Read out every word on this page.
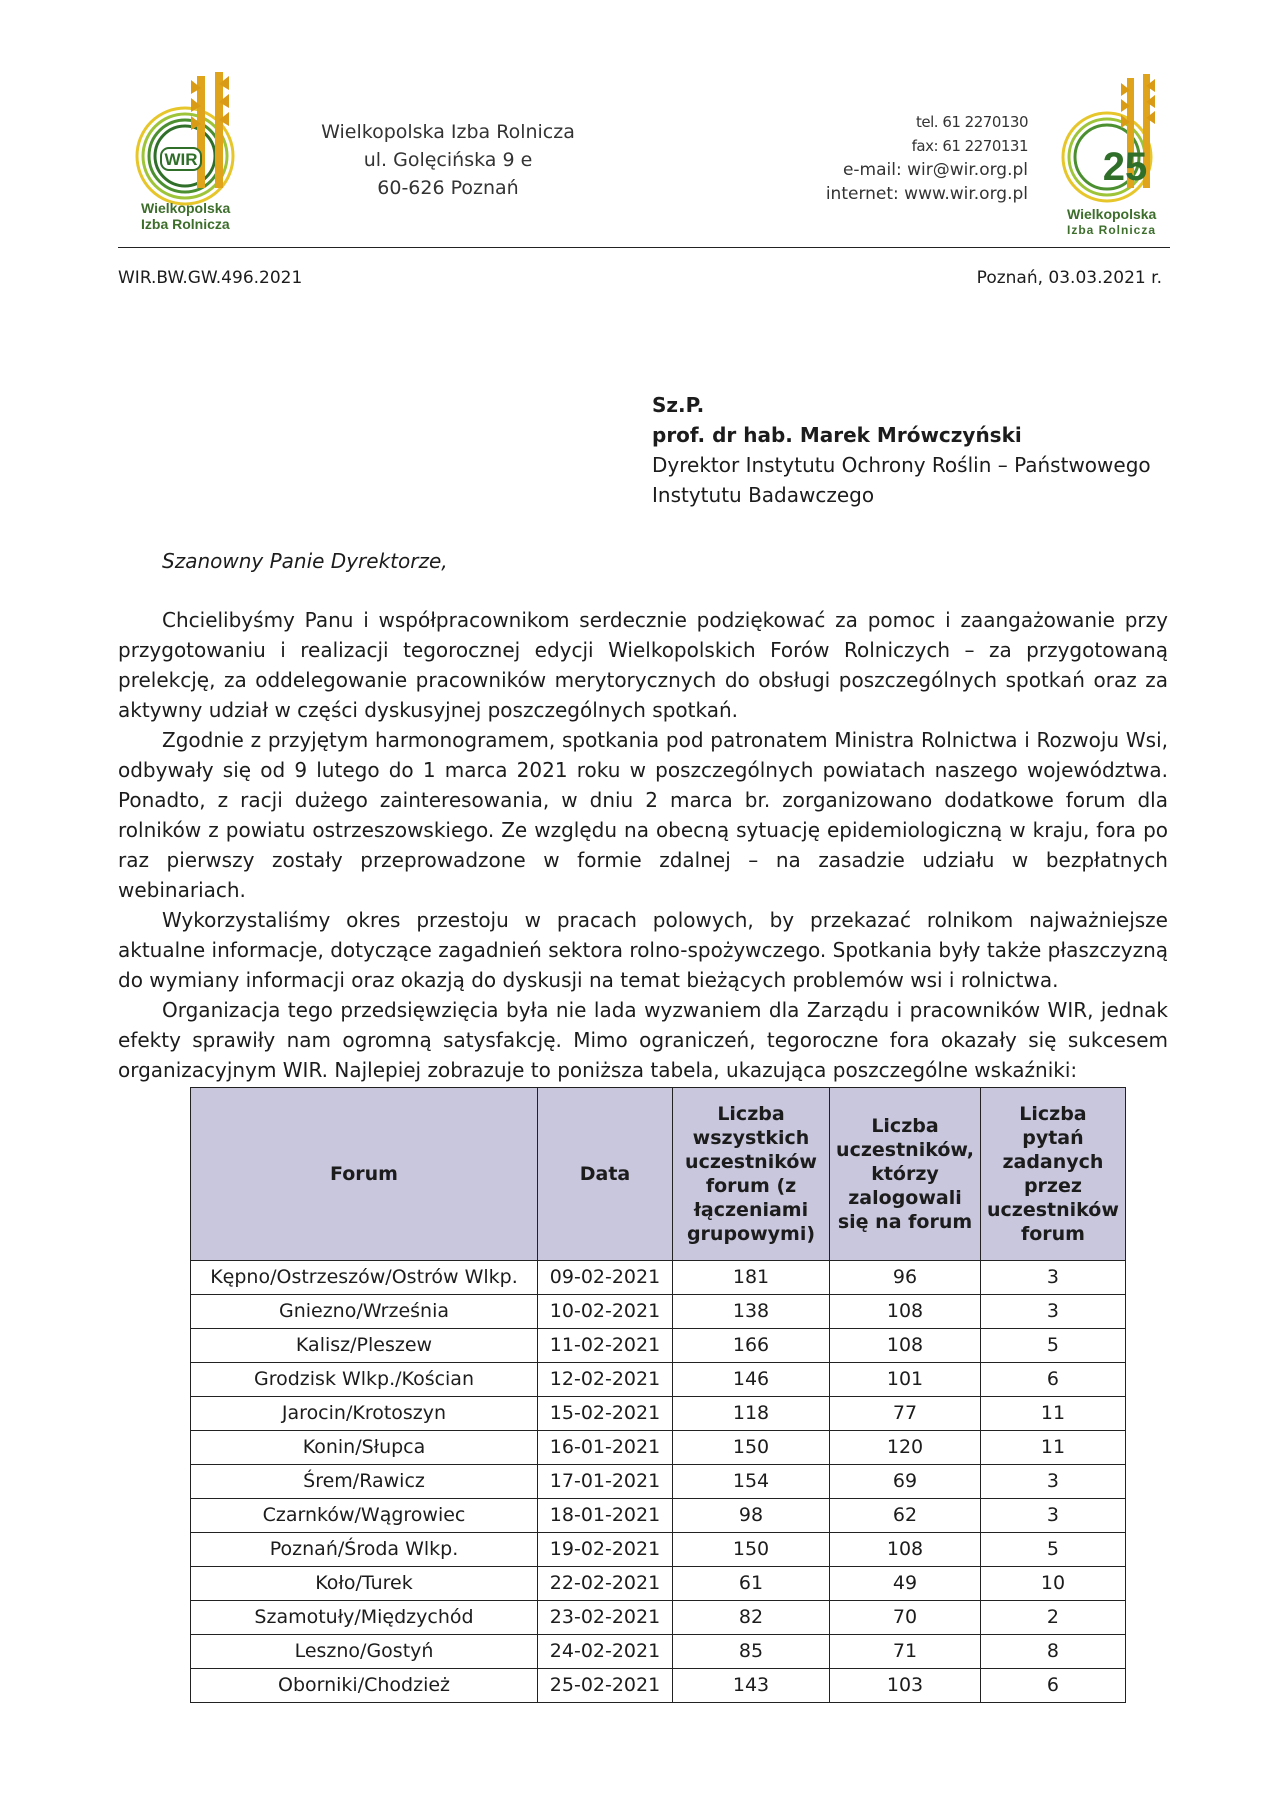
WIR
Wielkopolska
Izba Rolnicza
Wielkopolska Izba Rolnicza
ul. Golęcińska 9 e
60-626 Poznań
tel. 61 2270130
fax: 61 2270131
e-mail: wir@wir.org.pl
internet: www.wir.org.pl
25
Wielkopolska
Izba Rolnicza
WIR.BW.GW.496.2021	Poznań, 03.03.2021 r.
Sz.P.
prof. dr hab. Marek Mrówczyński
Dyrektor Instytutu Ochrony Roślin – Państwowego
Instytutu Badawczego
Szanowny Panie Dyrektorze,

Chcielibyśmy Panu i współpracownikom serdecznie podziękować za pomoc i zaangażowanie przy przygotowaniu i realizacji tegorocznej edycji Wielkopolskich Forów Rolniczych – za przygotowaną prelekcję, za oddelegowanie pracowników merytorycznych do obsługi poszczególnych spotkań oraz za aktywny udział w części dyskusyjnej poszczególnych spotkań.

Zgodnie z przyjętym harmonogramem, spotkania pod patronatem Ministra Rolnictwa i Rozwoju Wsi, odbywały się od 9 lutego do 1 marca 2021 roku w poszczególnych powiatach naszego województwa. Ponadto, z racji dużego zainteresowania, w dniu 2 marca br. zorganizowano dodatkowe forum dla rolników z powiatu ostrzeszowskiego. Ze względu na obecną sytuację epidemiologiczną w kraju, fora po raz pierwszy zostały przeprowadzone w formie zdalnej – na zasadzie udziału w bezpłatnych webinariach.

Wykorzystaliśmy okres przestoju w pracach polowych, by przekazać rolnikom najważniejsze aktualne informacje, dotyczące zagadnień sektora rolno-spożywczego. Spotkania były także płaszczyzną do wymiany informacji oraz okazją do dyskusji na temat bieżących problemów wsi i rolnictwa.

Organizacja tego przedsięwzięcia była nie lada wyzwaniem dla Zarządu i pracowników WIR, jednak efekty sprawiły nam ogromną satysfakcję. Mimo ograniczeń, tegoroczne fora okazały się sukcesem organizacyjnym WIR. Najlepiej zobrazuje to poniższa tabela, ukazująca poszczególne wskaźniki:

Forum	Data	Liczba wszystkich uczestników forum (z łączeniami grupowymi)	Liczba uczestników, którzy zalogowali się na forum	Liczba pytań zadanych przez uczestników forum
Kępno/Ostrzeszów/Ostrów Wlkp.	09-02-2021	181	96	3
Gniezno/Września	10-02-2021	138	108	3
Kalisz/Pleszew	11-02-2021	166	108	5
Grodzisk Wlkp./Kościan	12-02-2021	146	101	6
Jarocin/Krotoszyn	15-02-2021	118	77	11
Konin/Słupca	16-01-2021	150	120	11
Śrem/Rawicz	17-01-2021	154	69	3
Czarnków/Wągrowiec	18-01-2021	98	62	3
Poznań/Środa Wlkp.	19-02-2021	150	108	5
Koło/Turek	22-02-2021	61	49	10
Szamotuły/Międzychód	23-02-2021	82	70	2
Leszno/Gostyń	24-02-2021	85	71	8
Oborniki/Chodzież	25-02-2021	143	103	6
